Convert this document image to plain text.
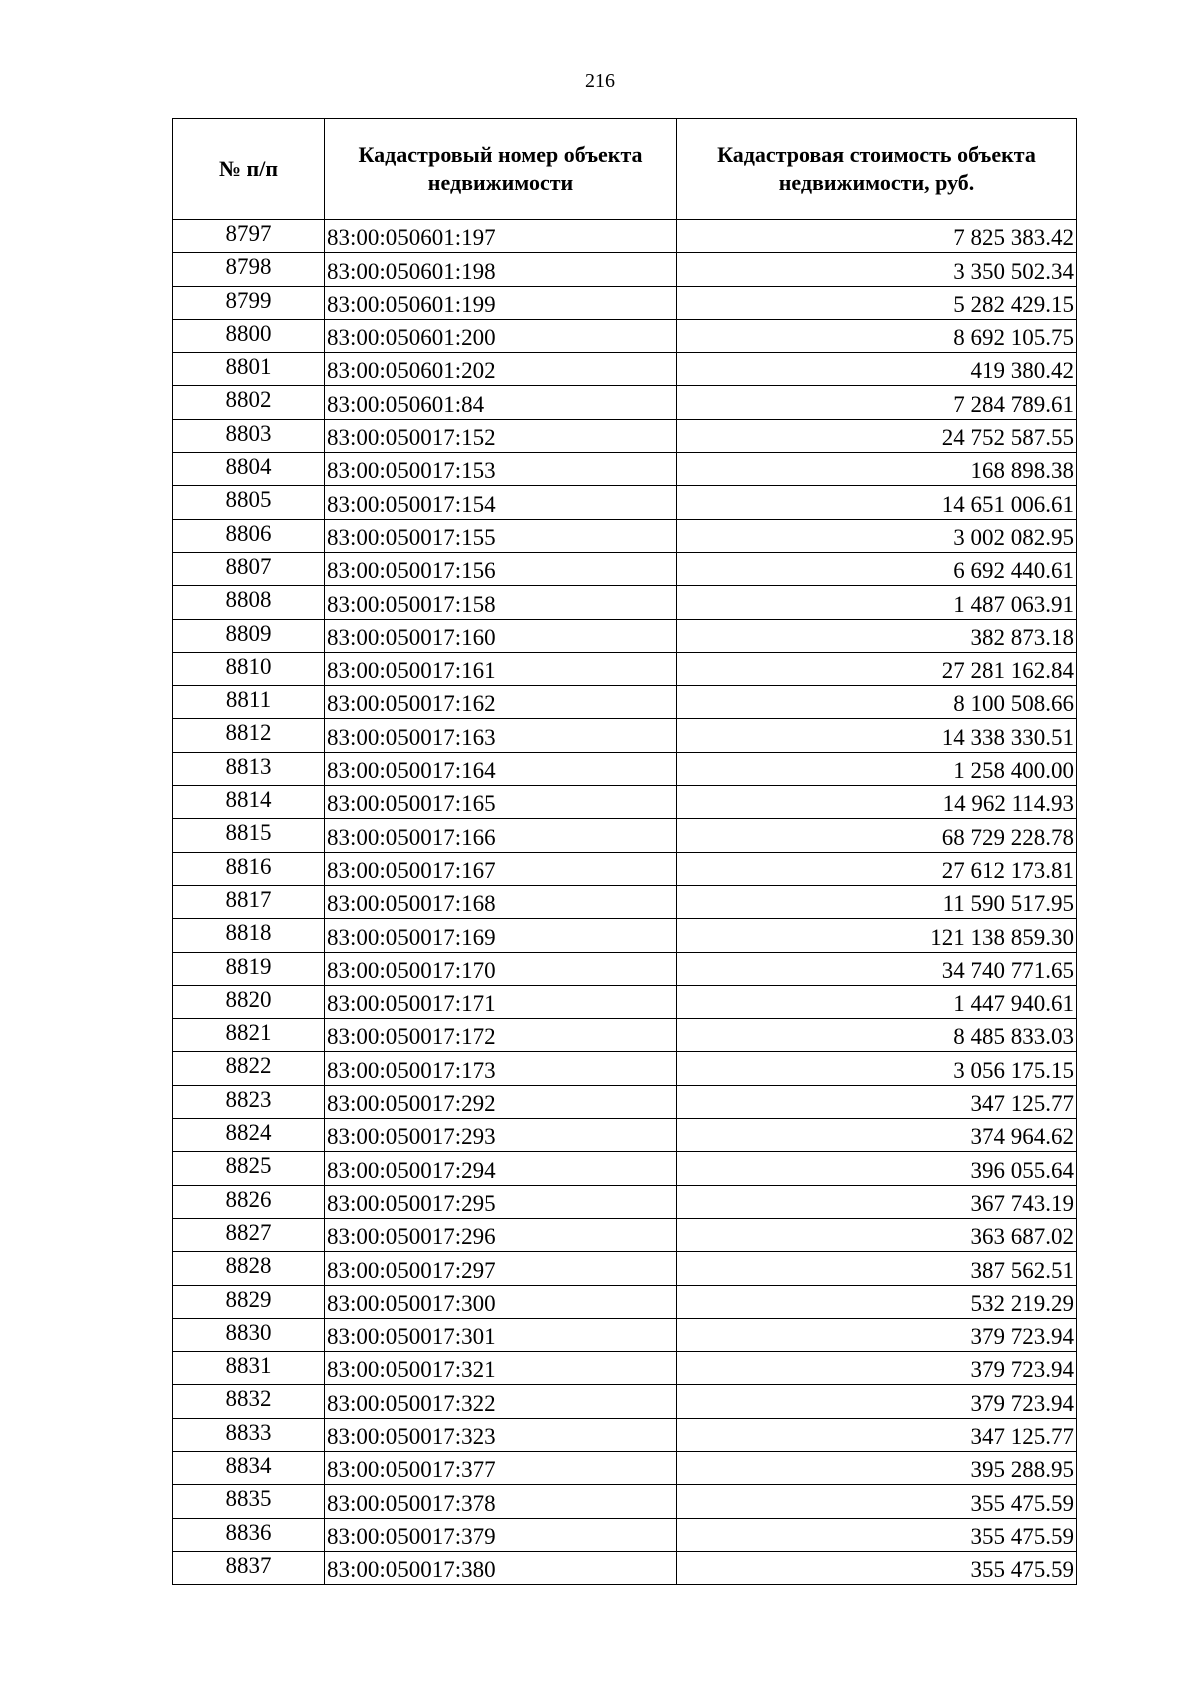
216
№ п/п	Кадастровый номер объекта недвижимости	Кадастровая стоимость объекта недвижимости, руб.
8797	83:00:050601:197	7 825 383.42
8798	83:00:050601:198	3 350 502.34
8799	83:00:050601:199	5 282 429.15
8800	83:00:050601:200	8 692 105.75
8801	83:00:050601:202	419 380.42
8802	83:00:050601:84	7 284 789.61
8803	83:00:050017:152	24 752 587.55
8804	83:00:050017:153	168 898.38
8805	83:00:050017:154	14 651 006.61
8806	83:00:050017:155	3 002 082.95
8807	83:00:050017:156	6 692 440.61
8808	83:00:050017:158	1 487 063.91
8809	83:00:050017:160	382 873.18
8810	83:00:050017:161	27 281 162.84
8811	83:00:050017:162	8 100 508.66
8812	83:00:050017:163	14 338 330.51
8813	83:00:050017:164	1 258 400.00
8814	83:00:050017:165	14 962 114.93
8815	83:00:050017:166	68 729 228.78
8816	83:00:050017:167	27 612 173.81
8817	83:00:050017:168	11 590 517.95
8818	83:00:050017:169	121 138 859.30
8819	83:00:050017:170	34 740 771.65
8820	83:00:050017:171	1 447 940.61
8821	83:00:050017:172	8 485 833.03
8822	83:00:050017:173	3 056 175.15
8823	83:00:050017:292	347 125.77
8824	83:00:050017:293	374 964.62
8825	83:00:050017:294	396 055.64
8826	83:00:050017:295	367 743.19
8827	83:00:050017:296	363 687.02
8828	83:00:050017:297	387 562.51
8829	83:00:050017:300	532 219.29
8830	83:00:050017:301	379 723.94
8831	83:00:050017:321	379 723.94
8832	83:00:050017:322	379 723.94
8833	83:00:050017:323	347 125.77
8834	83:00:050017:377	395 288.95
8835	83:00:050017:378	355 475.59
8836	83:00:050017:379	355 475.59
8837	83:00:050017:380	355 475.59
